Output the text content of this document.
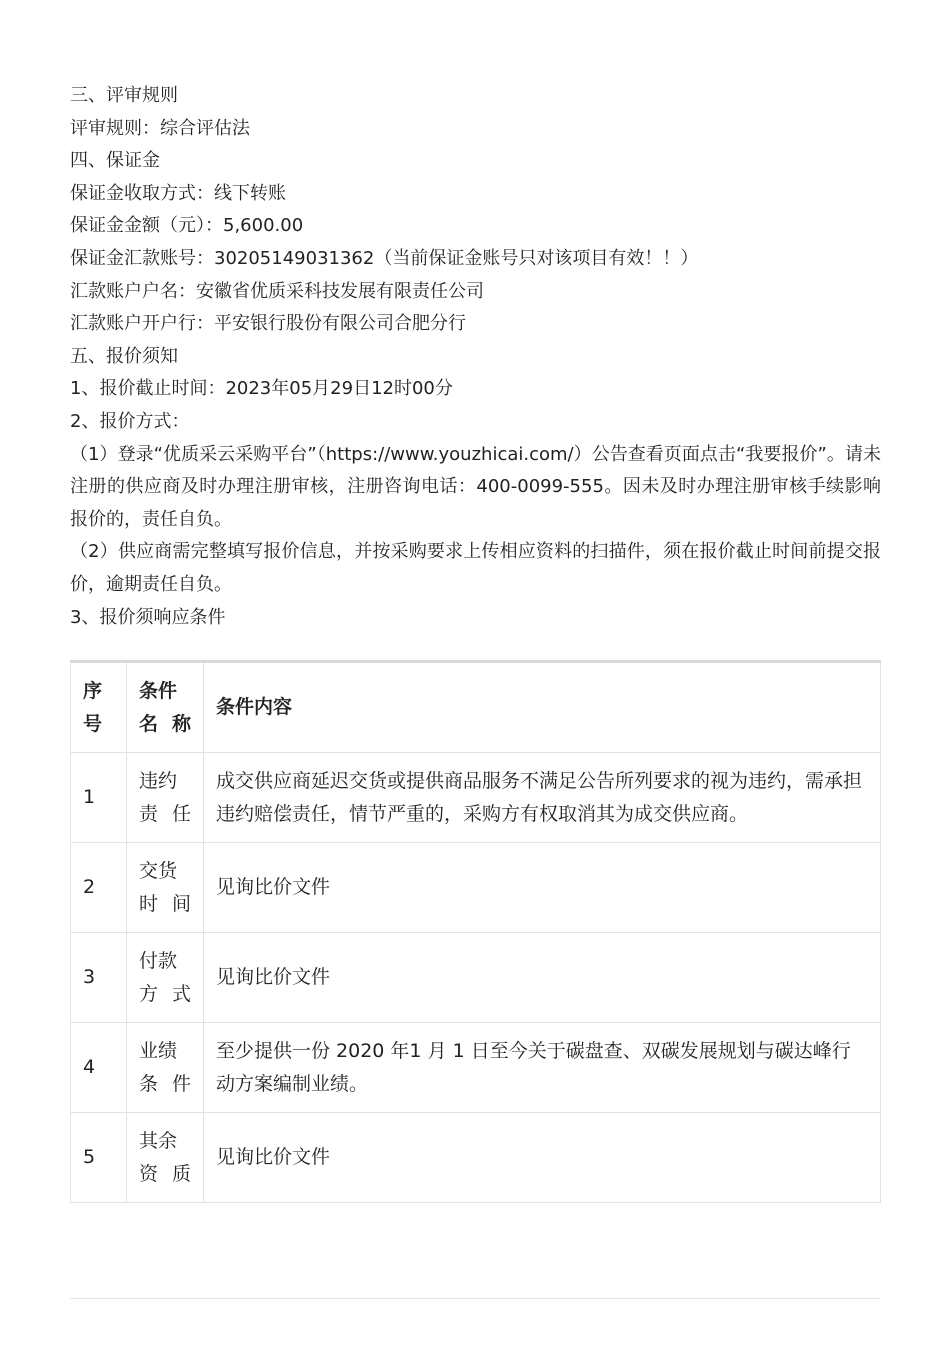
三、评审规则

评审规则：综合评估法

四、保证金

保证金收取方式：线下转账

保证金金额（元）：5,600.00

保证金汇款账号：30205149031362（当前保证金账号只对该项目有效！！）

汇款账户户名：安徽省优质采科技发展有限责任公司

汇款账户开户行：平安银行股份有限公司合肥分行

五、报价须知

1、报价截止时间：2023年05月29日12时00分

2、报价方式：

（1）登录“优质采云采购平台”（https://www.youzhicai.com/）公告查看页面点击“我要报价”。请未注册的供应商及时办理注册审核，注册咨询电话：400-0099-555。因未及时办理注册审核手续影响报价的，责任自负。

（2）供应商需完整填写报价信息，并按采购要求上传相应资料的扫描件，须在报价截止时间前提交报价，逾期责任自负。

3、报价须响应条件

序号	条件名称	条件内容
1	违约责任	成交供应商延迟交货或提供商品服务不满足公告所列要求的视为违约，需承担违约赔偿责任，情节严重的，采购方有权取消其为成交供应商。
2	交货时间	见询比价文件
3	付款方式	见询比价文件
4	业绩条件	至少提供一份 2020 年1 月 1 日至今关于碳盘查、双碳发展规划与碳达峰行动方案编制业绩。
5	其余资质	见询比价文件
